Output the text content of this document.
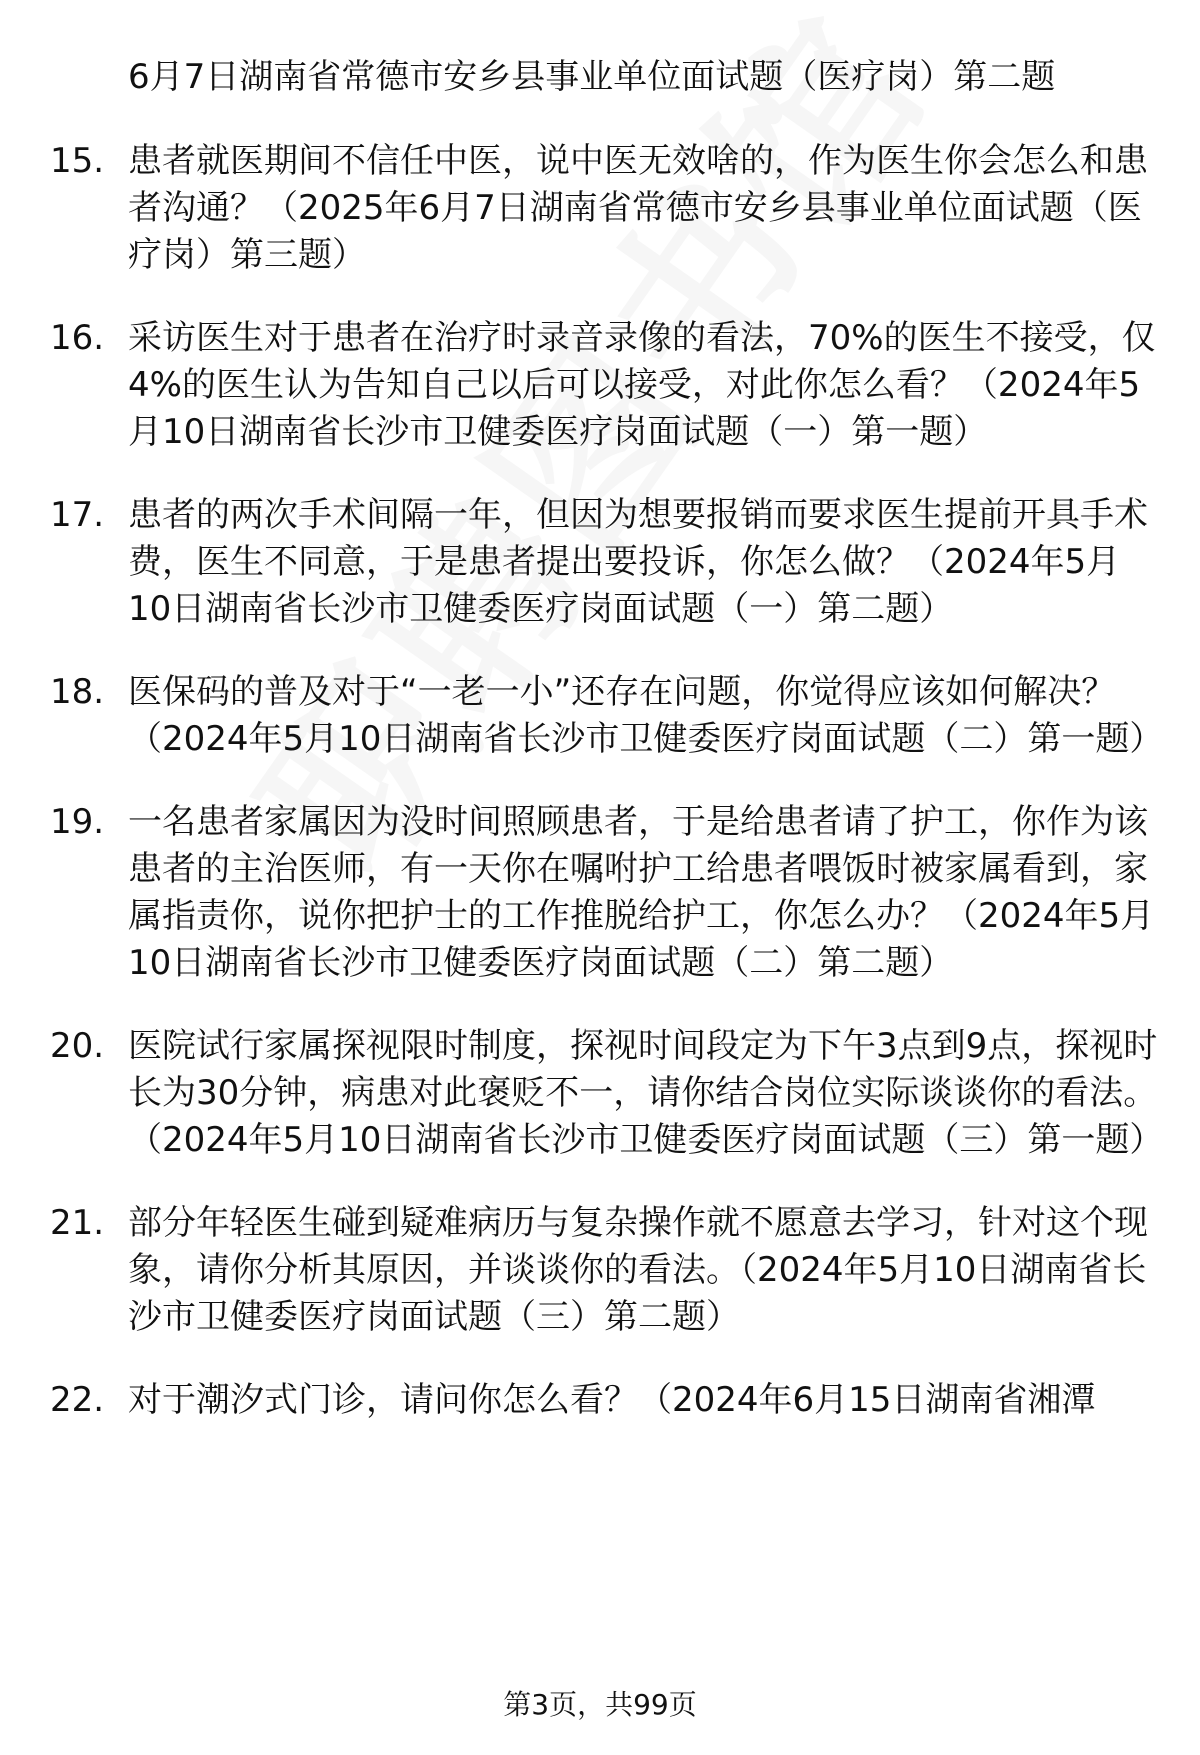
6月7日湖南省常德市安乡县事业单位面试题（医疗岗）第二题
15. 患者就医期间不信任中医，说中医无效啥的，作为医生你会怎么和患者沟通？（2025年6月7日湖南省常德市安乡县事业单位面试题（医疗岗）第三题）
16. 采访医生对于患者在治疗时录音录像的看法，70%的医生不接受，仅4%的医生认为告知自己以后可以接受，对此你怎么看？（2024年5月10日湖南省长沙市卫健委医疗岗面试题（一）第一题）
17. 患者的两次手术间隔一年，但因为想要报销而要求医生提前开具手术费，医生不同意，于是患者提出要投诉，你怎么做？（2024年5月10日湖南省长沙市卫健委医疗岗面试题（一）第二题）
18. 医保码的普及对于“一老一小”还存在问题，你觉得应该如何解决？（2024年5月10日湖南省长沙市卫健委医疗岗面试题（二）第一题）
19. 一名患者家属因为没时间照顾患者，于是给患者请了护工，你作为该患者的主治医师，有一天你在嘱咐护工给患者喂饭时被家属看到，家属指责你，说你把护士的工作推脱给护工，你怎么办？（2024年5月10日湖南省长沙市卫健委医疗岗面试题（二）第二题）
20. 医院试行家属探视限时制度，探视时间段定为下午3点到9点，探视时长为30分钟，病患对此褒贬不一，请你结合岗位实际谈谈你的看法。（2024年5月10日湖南省长沙市卫健委医疗岗面试题（三）第一题）
21. 部分年轻医生碰到疑难病历与复杂操作就不愿意去学习，针对这个现象，请你分析其原因，并谈谈你的看法。（2024年5月10日湖南省长沙市卫健委医疗岗面试题（三）第二题）
22. 对于潮汐式门诊，请问你怎么看？（2024年6月15日湖南省湘潭
第3页，共99页
